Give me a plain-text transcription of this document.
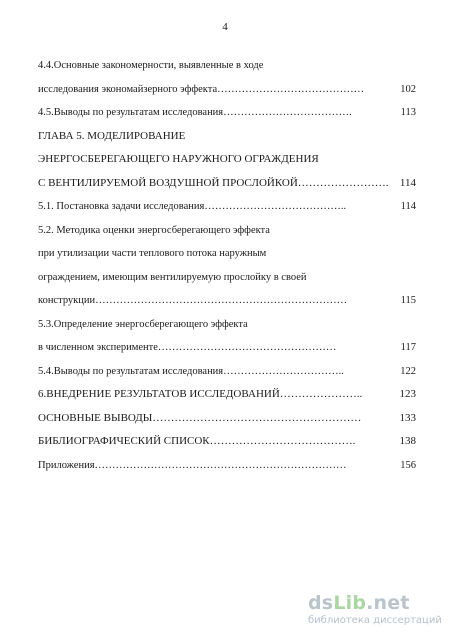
4
4.4.Основные закономерности, выявленные в ходе
исследования экономайзерного эффекта……………………………………	102
4.5.Выводы по результатам исследования……………………………….	113
ГЛАВА 5. МОДЕЛИРОВАНИЕ
ЭНЕРГОСБЕРЕГАЮЩЕГО НАРУЖНОГО ОГРАЖДЕНИЯ
С ВЕНТИЛИРУЕМОЙ ВОЗДУШНОЙ ПРОСЛОЙКОЙ……………………. 114
5.1. Постановка задачи исследования…………………………………..	114
5.2. Методика оценки энергосберегающего эффекта
при утилизации части теплового потока наружным
ограждением, имеющим вентилируемую прослойку в своей
конструкции………………………………………………………………	115
5.3.Определение энергосберегающего эффекта
в численном эксперименте……………………………………………	117
5.4.Выводы по результатам исследования……………………………..	122
6.ВНЕДРЕНИЕ РЕЗУЛЬТАТОВ ИССЛЕДОВАНИЙ…………………..	123
ОСНОВНЫЕ ВЫВОДЫ…………………………………………………	133
БИБЛИОГРАФИЧЕСКИЙ СПИСОК………………………………….	138
Приложения………………………………………………………………	156
dsLib.net
библиотека диссертаций
